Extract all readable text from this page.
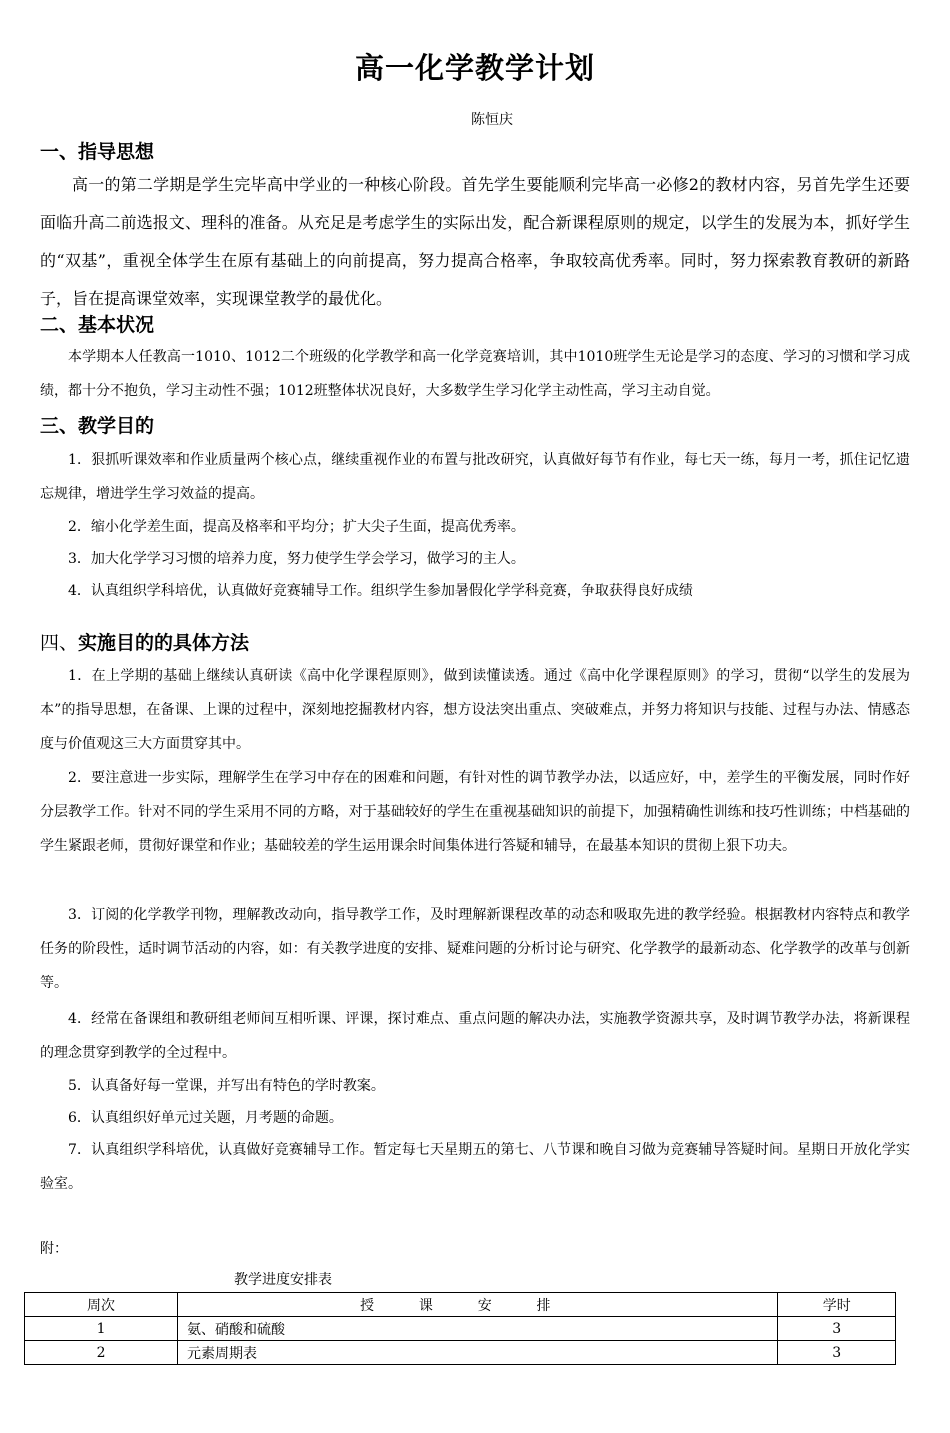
高一化学教学计划
陈恒庆
一、指导思想
高一的第二学期是学生完毕高中学业的一种核心阶段。首先学生要能顺利完毕高一必修2的教材内容，另首先学生还要面临升高二前选报文、理科的准备。从充足是考虑学生的实际出发，配合新课程原则的规定，以学生的发展为本，抓好学生的“双基”，重视全体学生在原有基础上的向前提高，努力提高合格率，争取较高优秀率。同时，努力探索教育教研的新路子，旨在提高课堂效率，实现课堂教学的最优化。
二、基本状况
本学期本人任教高一1010、1012二个班级的化学教学和高一化学竞赛培训，其中1010班学生无论是学习的态度、学习的习惯和学习成绩，都十分不抱负，学习主动性不强；1012班整体状况良好，大多数学生学习化学主动性高，学习主动自觉。
三、教学目的
1．狠抓听课效率和作业质量两个核心点，继续重视作业的布置与批改研究，认真做好每节有作业，每七天一练，每月一考，抓住记忆遗忘规律，增进学生学习效益的提高。
2．缩小化学差生面，提高及格率和平均分；扩大尖子生面，提高优秀率。
3．加大化学学习习惯的培养力度，努力使学生学会学习，做学习的主人。
4．认真组织学科培优，认真做好竞赛辅导工作。组织学生参加暑假化学学科竞赛，争取获得良好成绩
四、实施目的的具体方法
1．在上学期的基础上继续认真研读《高中化学课程原则》，做到读懂读透。通过《高中化学课程原则》的学习，贯彻“以学生的发展为本”的指导思想，在备课、上课的过程中，深刻地挖掘教材内容，想方设法突出重点、突破难点，并努力将知识与技能、过程与办法、情感态度与价值观这三大方面贯穿其中。
2．要注意进一步实际，理解学生在学习中存在的困难和问题，有针对性的调节教学办法，以适应好，中，差学生的平衡发展，同时作好分层教学工作。针对不同的学生采用不同的方略，对于基础较好的学生在重视基础知识的前提下，加强精确性训练和技巧性训练；中档基础的学生紧跟老师，贯彻好课堂和作业；基础较差的学生运用课余时间集体进行答疑和辅导，在最基本知识的贯彻上狠下功夫。
3．订阅的化学教学刊物，理解教改动向，指导教学工作，及时理解新课程改革的动态和吸取先进的教学经验。根据教材内容特点和教学任务的阶段性，适时调节活动的内容，如：有关教学进度的安排、疑难问题的分析讨论与研究、化学教学的最新动态、化学教学的改革与创新等。
4．经常在备课组和教研组老师间互相听课、评课，探讨难点、重点问题的解决办法，实施教学资源共享，及时调节教学办法，将新课程的理念贯穿到教学的全过程中。
5．认真备好每一堂课，并写出有特色的学时教案。
6．认真组织好单元过关题，月考题的命题。
7．认真组织学科培优，认真做好竞赛辅导工作。暂定每七天星期五的第七、八节课和晚自习做为竞赛辅导答疑时间。星期日开放化学实验室。
附：
教学进度安排表
周次	授课安排	学时
1	氨、硝酸和硫酸	3
2	元素周期表	3
